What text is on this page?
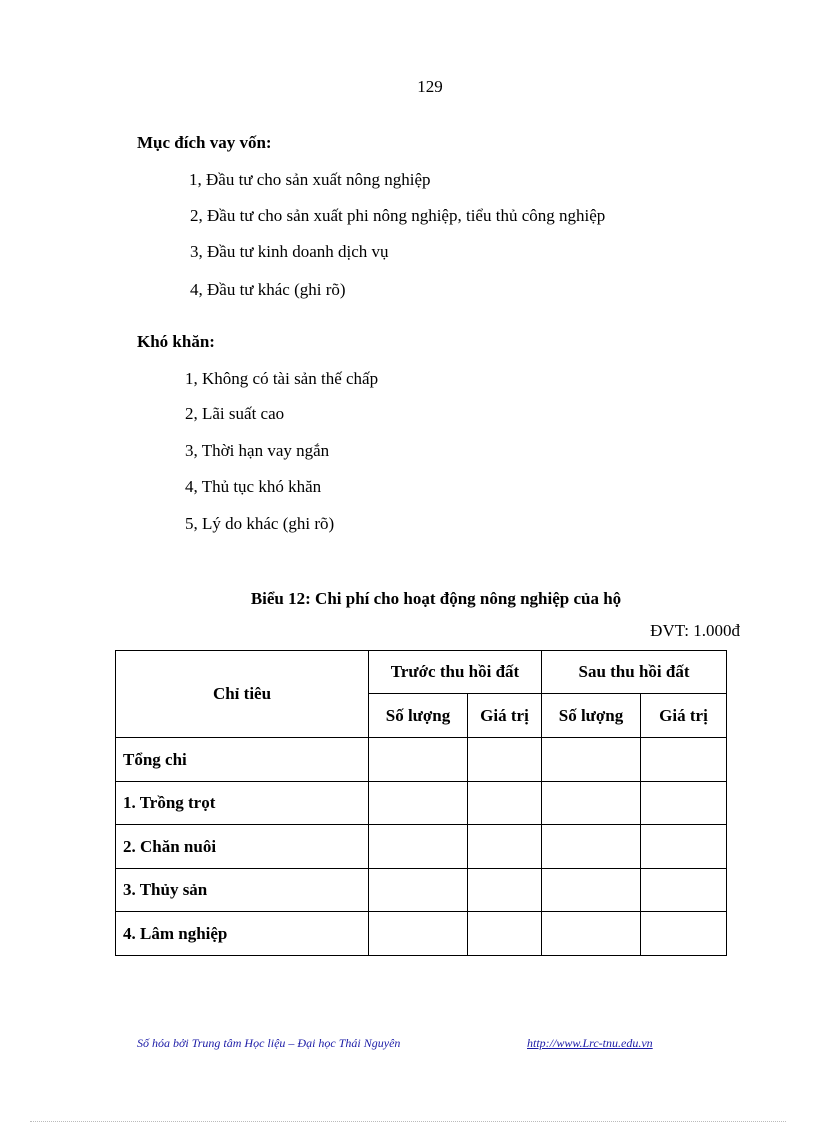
129
Mục đích vay vốn:
1, Đầu tư cho sản xuất nông nghiệp
2, Đầu tư cho sản xuất phi nông nghiệp, tiểu thủ công nghiệp
3, Đầu tư kinh doanh dịch vụ
4, Đầu tư khác (ghi rõ)
Khó khăn:
1, Không có tài sản thế chấp
2, Lãi suất cao
3, Thời hạn vay ngắn
4, Thủ tục khó khăn
5, Lý do khác (ghi rõ)
Biểu 12: Chi phí cho hoạt động nông nghiệp của hộ
ĐVT: 1.000đ
Chỉ tiêu	Trước thu hồi đất		Sau thu hồi đất	
	Số lượng	Giá trị	Số lượng	Giá trị
Tổng chi				
1. Trồng trọt				
2. Chăn nuôi				
3. Thủy sản				
4. Lâm nghiệp				
Số hóa bởi Trung tâm Học liệu – Đại học Thái Nguyên	http://www.Lrc-tnu.edu.vn
